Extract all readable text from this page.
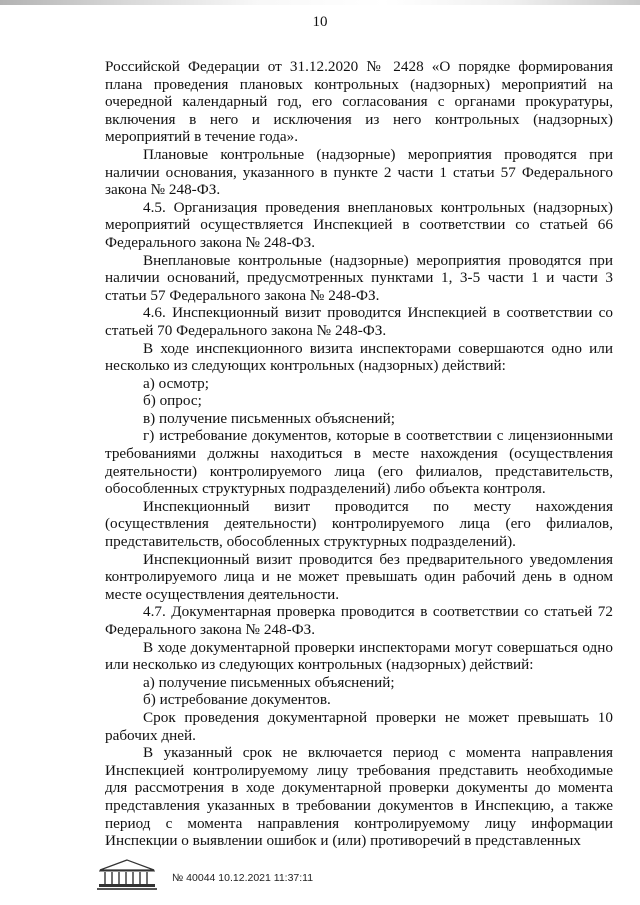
10

Российской Федерации от 31.12.2020 № 2428 «О порядке формирования плана проведения плановых контрольных (надзорных) мероприятий на очередной календарный год, его согласования с органами прокуратуры, включения в него и исключения из него контрольных (надзорных) мероприятий в течение года».

Плановые контрольные (надзорные) мероприятия проводятся при наличии основания, указанного в пункте 2 части 1 статьи 57 Федерального закона № 248-ФЗ.

4.5. Организация проведения внеплановых контрольных (надзорных) мероприятий осуществляется Инспекцией в соответствии со статьей 66 Федерального закона № 248-ФЗ.

Внеплановые контрольные (надзорные) мероприятия проводятся при наличии оснований, предусмотренных пунктами 1, 3-5 части 1 и части 3 статьи 57 Федерального закона № 248-ФЗ.

4.6. Инспекционный визит проводится Инспекцией в соответствии со статьей 70 Федерального закона № 248-ФЗ.

В ходе инспекционного визита инспекторами совершаются одно или несколько из следующих контрольных (надзорных) действий:

а) осмотр;

б) опрос;

в) получение письменных объяснений;

г) истребование документов, которые в соответствии с лицензионными требованиями должны находиться в месте нахождения (осуществления деятельности) контролируемого лица (его филиалов, представительств, обособленных структурных подразделений) либо объекта контроля.

Инспекционный визит проводится по месту нахождения (осуществления деятельности) контролируемого лица (его филиалов, представительств, обособленных структурных подразделений).

Инспекционный визит проводится без предварительного уведомления контролируемого лица и не может превышать один рабочий день в одном месте осуществления деятельности.

4.7. Документарная проверка проводится в соответствии со статьей 72 Федерального закона № 248-ФЗ.

В ходе документарной проверки инспекторами могут совершаться одно или несколько из следующих контрольных (надзорных) действий:

а) получение письменных объяснений;

б) истребование документов.

Срок проведения документарной проверки не может превышать 10 рабочих дней.

В указанный срок не включается период с момента направления Инспекцией контролируемому лицу требования представить необходимые для рассмотрения в ходе документарной проверки документы до момента представления указанных в требовании документов в Инспекцию, а также период с момента направления контролируемому лицу информации Инспекции о выявлении ошибок и (или) противоречий в представленных

№ 40044 10.12.2021 11:37:11
